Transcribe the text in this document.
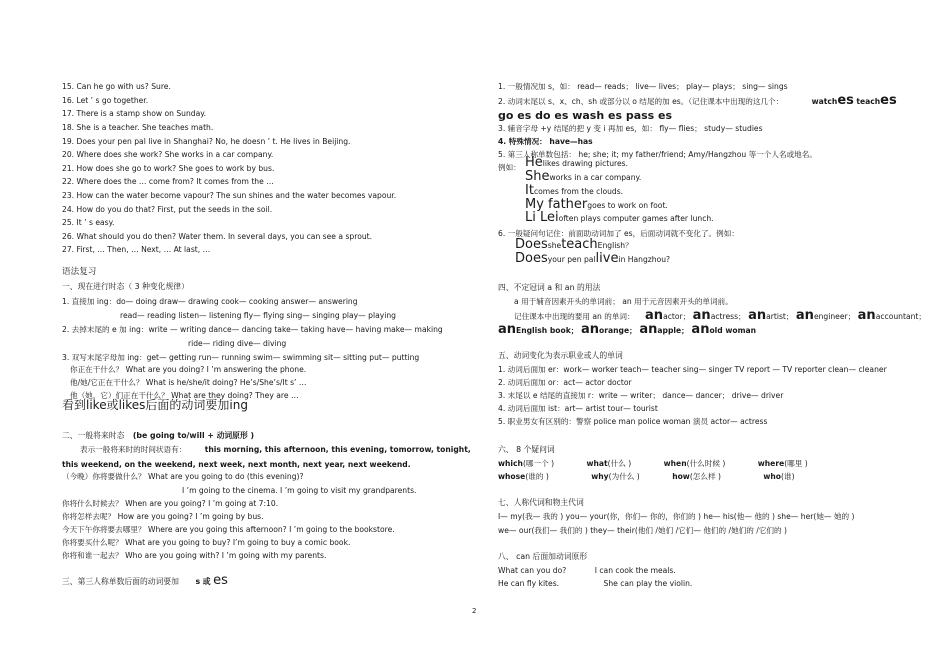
15. Can he go with us? Sure.
16. Let ’ s go together.
17. There is a stamp show on Sunday.
18. She is a teacher. She teaches math.
19. Does your pen pal live in Shanghai? No, he doesn ’ t. He lives in Beijing.
20. Where does she work? She works in a car company.
21. How does she go to work? She goes to work by bus.
22. Where does the … come from? It comes from the …
23. How can the water become vapour? The sun shines and the water becomes vapour.
24. How do you do that? First, put the seeds in the soil.
25. It ’ s easy.
26. What should you do then? Water them. In several days, you can see a sprout.
27. First, … Then, … Next, … At last, …
语法复习
一、现在进行时态（ 3 种变化规律）
1. 直接加 ing：do— doing draw— drawing cook— cooking answer— answering
read— reading listen— listening fly— flying sing— singing play— playing
2. 去掉末尾的 e 加 ing：write — writing dance— dancing take— taking have— having make— making
ride— riding dive— diving
3. 双写末尾字母加 ing：get— getting run— running swim— swimming sit— sitting put— putting
你正在干什么？ What are you doing? I ’m answering the phone.
他/她/它正在干什么？ What is he/she/it doing? He’s/She’s/It s’ …
他（她，它）们正在干什么？ What are they doing? They are …
看到like或likes后面的动词要加ing
二、一般将来时态 (be going to/will + 动词原形 )
表示一般将来时的时间状语有： this morning, this afternoon, this evening, tomorrow, tonight,
this weekend, on the weekend, next week, next month, next year, next weekend.
（今晚）你将要做什么？ What are you going to do (this evening)?
I ’m going to the cinema. I ’m going to visit my grandparents.
你将什么时候去？ When are you going? I ’m going at 7:10.
你将怎样去呢？ How are you going? I ’m going by bus.
今天下午你将要去哪里？ Where are you going this afternoon? I ’m going to the bookstore.
你将要买什么呢？ What are you going to buy? I’m going to buy a comic book.
你将和谁一起去？ Who are you going with? I ’m going with my parents.
三、第三人称单数后面的动词要加 s 或 es
1. 一般情况加 s，如： read— reads； live— lives； play— plays； sing— sings
2. 动词末尾以 s、x、ch、sh 或部分以 o 结尾的加 es。（记住课本中出现的这几个：	watches teaches
go es do es wash es pass es
3. 辅音字母 +y 结尾的把 y 变 i 再加 es，如： fly— flies； study— studies
4. 特殊情况： have—has
5. 第三人称单数包括： he; she; it; my father/friend; Amy/Hangzhou 等一个人名或地名。
例如： Helikes drawing pictures.
Sheworks in a car company.
Itcomes from the clouds.
My fathergoes to work on foot.
Li Leioften plays computer games after lunch.
6. 一般疑问句记住：前面助动词加了 es，后面动词就不变化了。例如：
DoessheteachEnglish？
Doesyour pen pallivein Hangzhou?
四、不定冠词 a 和 an 的用法
a 用于辅音因素开头的单词前； an 用于元音因素开头的单词前。
记住课本中出现的要用 an 的单词： anactor； anactress； anartist； anengineer； anaccountant；
anEnglish book； anorange； anapple； anold woman
五、动词变化为表示职业或人的单词
1. 动词后面加 er：work— worker teach— teacher sing— singer TV report — TV reporter clean— cleaner
2. 动词后面加 or：act— actor doctor
3. 末尾以 e 结尾的直接加 r：write — writer； dance— dancer； drive— driver
4. 动词后面加 ist：art— artist tour— tourist
5. 职业男女有区别的：警察 police man police woman 演员 actor— actress
六、 8 个疑问词
which(哪一个 )	what(什么 )	when(什么时候 )	where(哪里 )
whose(谁的 )	why(为什么 )	how(怎么样 )	who(谁)
七、人称代词和物主代词
I— my(我— 我的 ) you— your(你，你们— 你的，你们的 ) he— his(他— 他的 ) she— her(她— 她的 )
we— our(我们— 我们的 ) they— their(他们 /她们 /它们— 他们的 /她们的 /它们的 )
八、 can 后面加动词原形
What can you do?	I can cook the meals.
He can fly kites.	She can play the violin.
2
